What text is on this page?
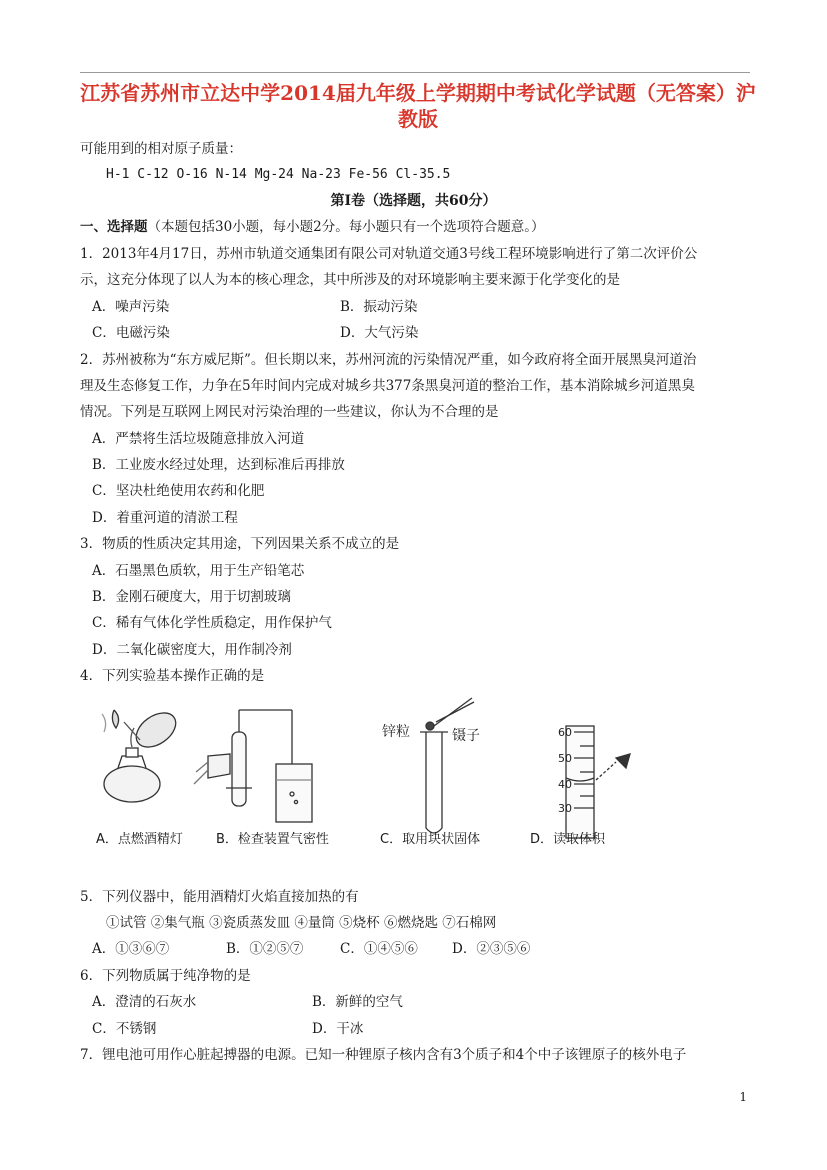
江苏省苏州市立达中学2014届九年级上学期期中考试化学试题（无答案）沪教版
可能用到的相对原子质量：
H-1 C-12 O-16 N-14 Mg-24 Na-23 Fe-56 Cl-35.5
第Ⅰ卷（选择题，共60分）
一、选择题（本题包括30小题，每小题2分。每小题只有一个选项符合题意。）
1．2013年4月17日，苏州市轨道交通集团有限公司对轨道交通3号线工程环境影响进行了第二次评价公
示，这充分体现了以人为本的核心理念，其中所涉及的对环境影响主要来源于化学变化的是
A．噪声污染	B．振动污染
C．电磁污染	D．大气污染
2．苏州被称为“东方威尼斯”。但长期以来，苏州河流的污染情况严重，如今政府将全面开展黑臭河道治
理及生态修复工作，力争在5年时间内完成对城乡共377条黑臭河道的整治工作，基本消除城乡河道黑臭
情况。下列是互联网上网民对污染治理的一些建议，你认为不合理的是
A．严禁将生活垃圾随意排放入河道
B．工业废水经过处理，达到标准后再排放
C．坚决杜绝使用农药和化肥
D．着重河道的清淤工程
3．物质的性质决定其用途，下列因果关系不成立的是
A．石墨黑色质软，用于生产铅笔芯
B．金刚石硬度大，用于切割玻璃
C．稀有气体化学性质稳定，用作保护气
D．二氧化碳密度大，用作制冷剂
4．下列实验基本操作正确的是
锌粒	镊子	60
50
40
30
A．点燃酒精灯	B．检查装置气密性	C．取用块状固体	D．读取体积
5．下列仪器中，能用酒精灯火焰直接加热的有
①试管 ②集气瓶 ③瓷质蒸发皿 ④量筒 ⑤烧杯 ⑥燃烧匙 ⑦石棉网
A．①③⑥⑦	B．①②⑤⑦	C．①④⑤⑥	D．②③⑤⑥
6．下列物质属于纯净物的是
A．澄清的石灰水	B．新鲜的空气
C．不锈钢	D．干冰
7．锂电池可用作心脏起搏器的电源。已知一种锂原子核内含有3个质子和4个中子该锂原子的核外电子
1
